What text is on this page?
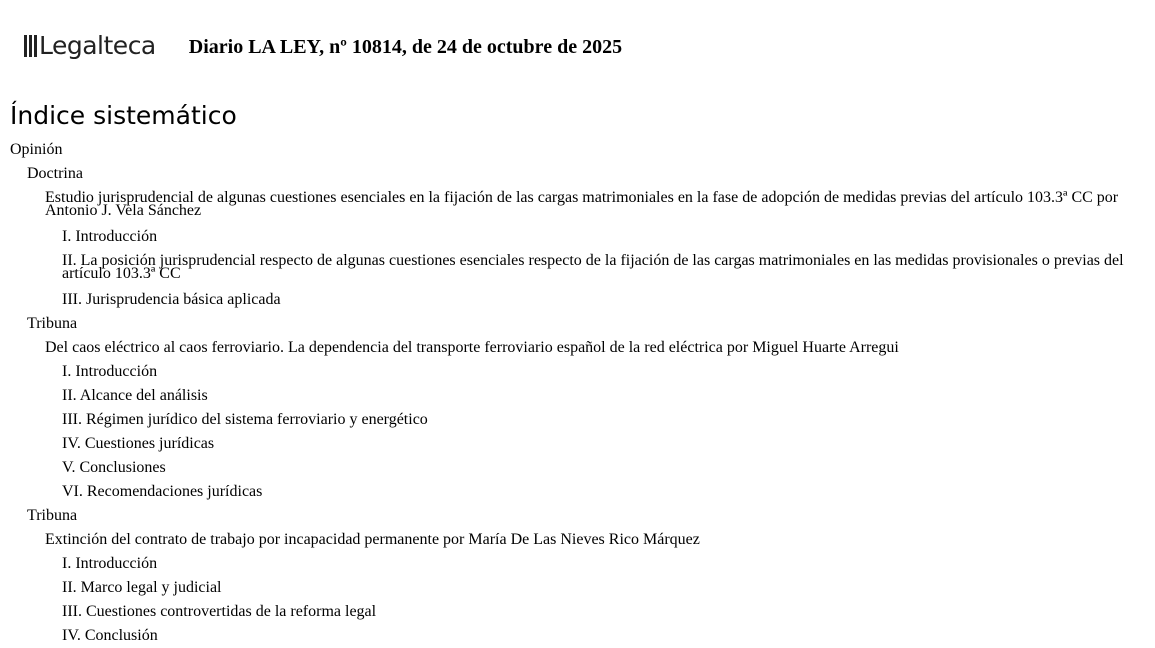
Legalteca Diario LA LEY, nº 10814, de 24 de octubre de 2025
Índice sistemático
Opinión
Doctrina
Estudio jurisprudencial de algunas cuestiones esenciales en la fijación de las cargas matrimoniales en la fase de adopción de medidas previas del artículo 103.3ª CC por Antonio J. Vela Sánchez
I. Introducción
II. La posición jurisprudencial respecto de algunas cuestiones esenciales respecto de la fijación de las cargas matrimoniales en las medidas provisionales o previas del artículo 103.3ª CC
III. Jurisprudencia básica aplicada
Tribuna
Del caos eléctrico al caos ferroviario. La dependencia del transporte ferroviario español de la red eléctrica por Miguel Huarte Arregui
I. Introducción
II. Alcance del análisis
III. Régimen jurídico del sistema ferroviario y energético
IV. Cuestiones jurídicas
V. Conclusiones
VI. Recomendaciones jurídicas
Tribuna
Extinción del contrato de trabajo por incapacidad permanente por María De Las Nieves Rico Márquez
I. Introducción
II. Marco legal y judicial
III. Cuestiones controvertidas de la reforma legal
IV. Conclusión
